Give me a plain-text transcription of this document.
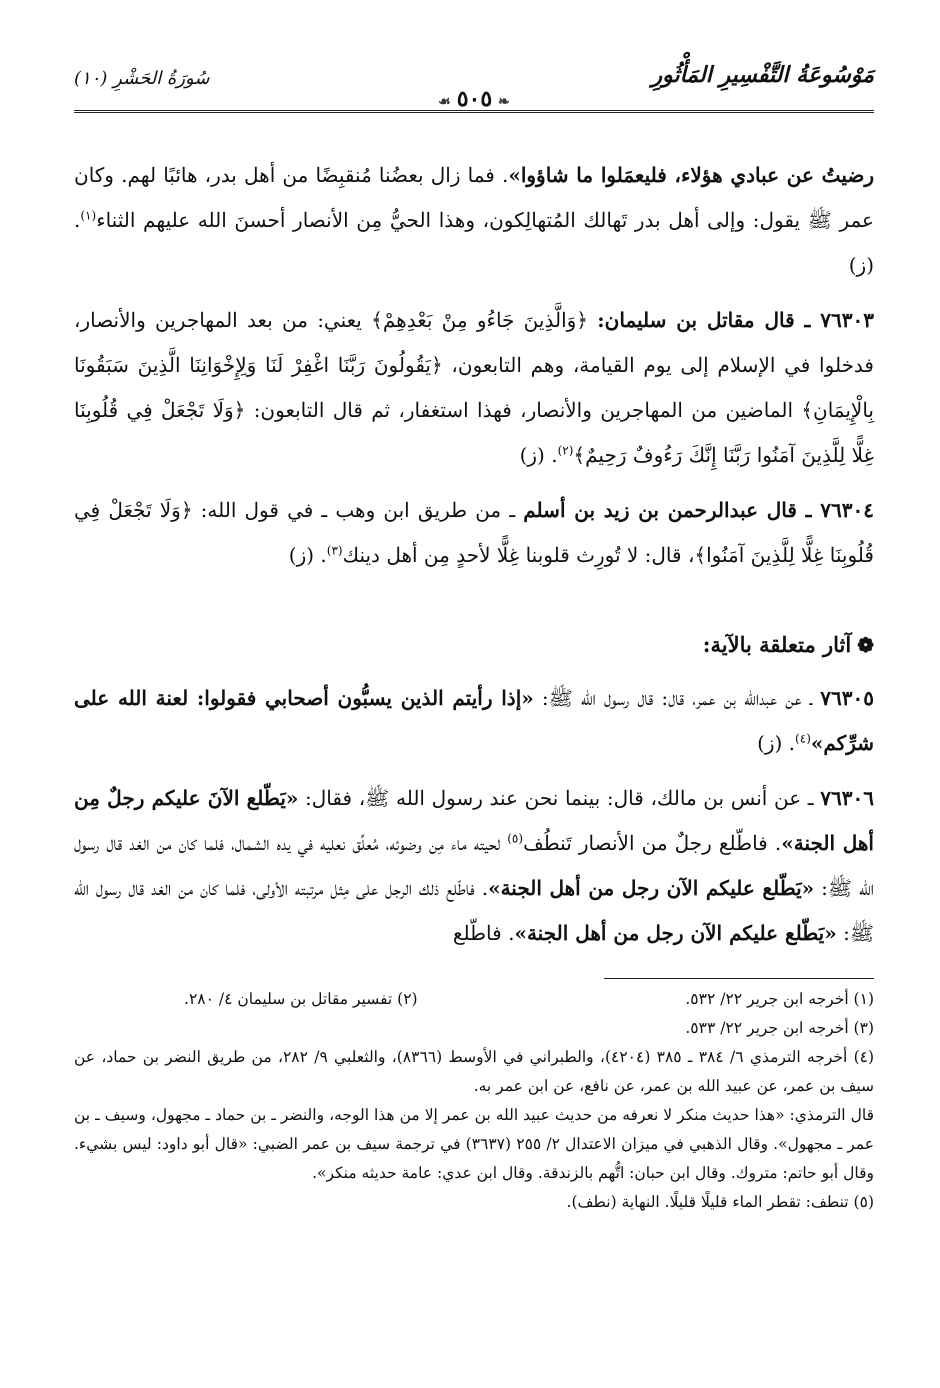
مَوْسُوعَةُ التَّفْسِيرِ المَأْثُورِ
سُورَةُ الحَشْرِ (١٠)
❧٥٠٥☙

رضيتُ عن عبادي هؤلاء، فليعمَلوا ما شاؤوا». فما زال بعضُنا مُنقبِضًا من أهل بدر، هائبًا لهم. وكان عمر ﷺ يقول: وإلى أهل بدر تَهالك المُتهالِكون، وهذا الحيُّ مِن الأنصار أحسنَ الله عليهم الثناء$^{(١)}$. (ز)

٧٦٣٠٣ ـ قال مقاتل بن سليمان: ﴿وَالَّذِينَ جَاءُو مِنْ بَعْدِهِمْ﴾ يعني: من بعد المهاجرين والأنصار، فدخلوا في الإسلام إلى يوم القيامة، وهم التابعون، ﴿يَقُولُونَ رَبَّنَا اغْفِرْ لَنَا وَلِإِخْوَانِنَا الَّذِينَ سَبَقُونَا بِالْإِيمَانِ﴾ الماضين من المهاجرين والأنصار، فهذا استغفار، ثم قال التابعون: ﴿وَلَا تَجْعَلْ فِي قُلُوبِنَا غِلًّا لِلَّذِينَ آمَنُوا رَبَّنَا إِنَّكَ رَءُوفٌ رَحِيمٌ﴾$^{(٢)}$. (ز)

٧٦٣٠٤ ـ قال عبدالرحمن بن زيد بن أسلم ـ من طريق ابن وهب ـ في قول الله: ﴿وَلَا تَجْعَلْ فِي قُلُوبِنَا غِلًّا لِلَّذِينَ آمَنُوا﴾، قال: لا تُورِث قلوبنا غِلًّا لأحدٍ مِن أهل دينك$^{(٣)}$. (ز)

❁آثار متعلقة بالآية:

٧٦٣٠٥ ـ عن عبدالله بن عمر، قال: قال رسول الله ﷺ: «إذا رأيتم الذين يسبُّون أصحابي فقولوا: لعنة الله على شرِّكم»$^{(٤)}$. (ز)

٧٦٣٠٦ ـ عن أنس بن مالك، قال: بينما نحن عند رسول الله ﷺ، فقال: «يَطّلع الآنَ عليكم رجلٌ مِن أهل الجنة». فاطّلع رجلٌ من الأنصار تَنطُف$^{(٥)}$ لحيته ماء مِن وضوئه، مُعلِّق نعليه في يده الشمال، فلما كان من الغد قال رسول الله ﷺ: «يَطّلع عليكم الآن رجل من أهل الجنة». فاطّلع ذلك الرجل على مِثل مرتبته الأولى، فلما كان من الغد قال رسول الله ﷺ: «يَطّلع عليكم الآن رجل من أهل الجنة». فاطّلع

(١) أخرجه ابن جرير ٢٢/ ٥٣٢.
(٢) تفسير مقاتل بن سليمان ٤/ ٢٨٠.

(٣) أخرجه ابن جرير ٢٢/ ٥٣٣.

(٤) أخرجه الترمذي ٦/ ٣٨٤ ـ ٣٨٥ (٤٢٠٤)، والطبراني في الأوسط (٨٣٦٦)، والثعلبي ٩/ ٢٨٢، من طريق النضر بن حماد، عن سيف بن عمر، عن عبيد الله بن عمر، عن نافع، عن ابن عمر به.

قال الترمذي: «هذا حديث منكر لا نعرفه من حديث عبيد الله بن عمر إلا من هذا الوجه، والنضر ـ بن حماد ـ مجهول، وسيف ـ بن عمر ـ مجهول». وقال الذهبي في ميزان الاعتدال ٢/ ٢٥٥ (٣٦٣٧) في ترجمة سيف بن عمر الضبي: «قال أبو داود: ليس بشيء. وقال أبو حاتم: متروك. وقال ابن حبان: اتُّهم بالزندقة. وقال ابن عدي: عامة حديثه منكر».

(٥) تنطف: تقطر الماء قليلًا قليلًا. النهاية (نطف).
